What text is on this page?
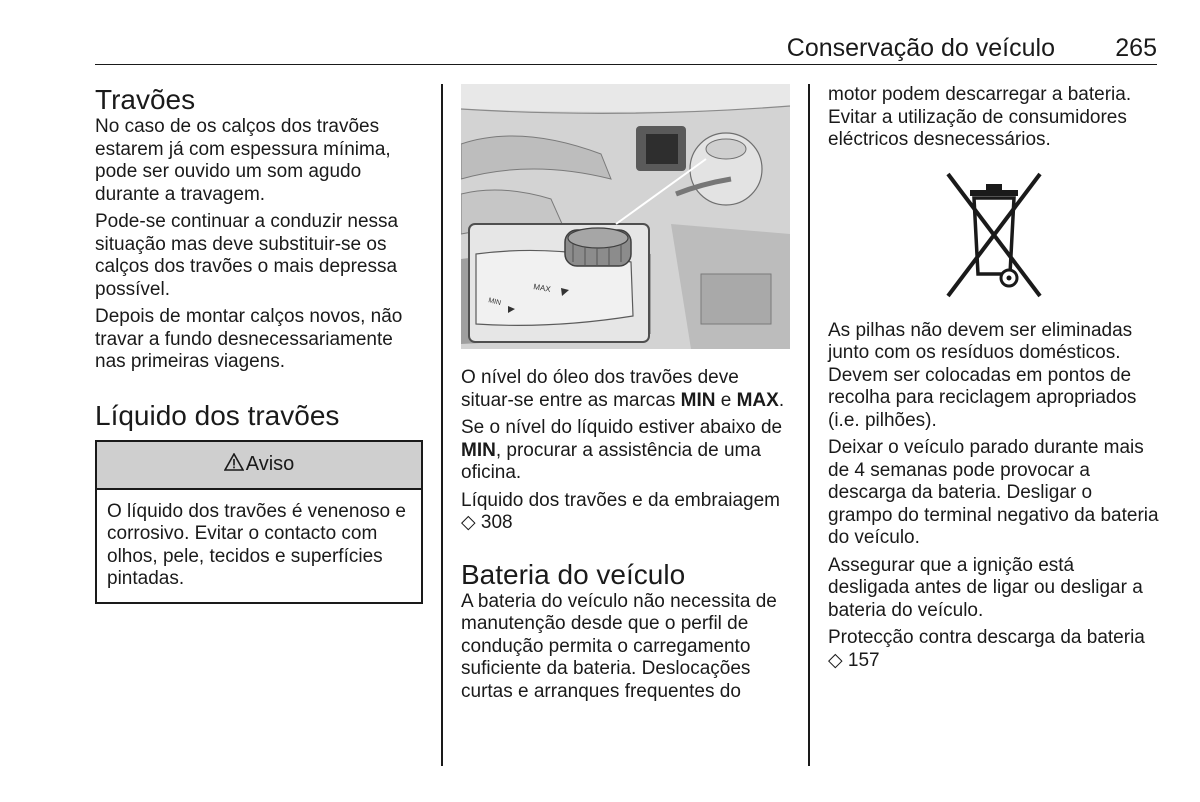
Conservação do veículo 265
Travões

No caso de os calços dos travões estarem já com espessura mínima, pode ser ouvido um som agudo durante a travagem.

Pode-se continuar a conduzir nessa situação mas deve substituir-se os calços dos travões o mais depressa possível.

Depois de montar calços novos, não travar a fundo desnecessariamente nas primeiras viagens.

Líquido dos travões
Aviso
O líquido dos travões é venenoso e corrosivo. Evitar o contacto com olhos, pele, tecidos e superfícies pintadas.
MAX
MIN

O nível do óleo dos travões deve situar-se entre as marcas MIN e MAX.

Se o nível do líquido estiver abaixo de MIN, procurar a assistência de uma oficina.

Líquido dos travões e da embraiagem
◇ 308

Bateria do veículo

A bateria do veículo não necessita de manutenção desde que o perfil de condução permita o carregamento suficiente da bateria. Deslocações curtas e arranques frequentes do

motor podem descarregar a bateria. Evitar a utilização de consumidores eléctricos desnecessários.

As pilhas não devem ser eliminadas junto com os resíduos domésticos. Devem ser colocadas em pontos de recolha para reciclagem apropriados (i.e. pilhões).

Deixar o veículo parado durante mais de 4 semanas pode provocar a descarga da bateria. Desligar o grampo do terminal negativo da bateria do veículo.

Assegurar que a ignição está desligada antes de ligar ou desligar a bateria do veículo.

Protecção contra descarga da bateria
◇ 157
